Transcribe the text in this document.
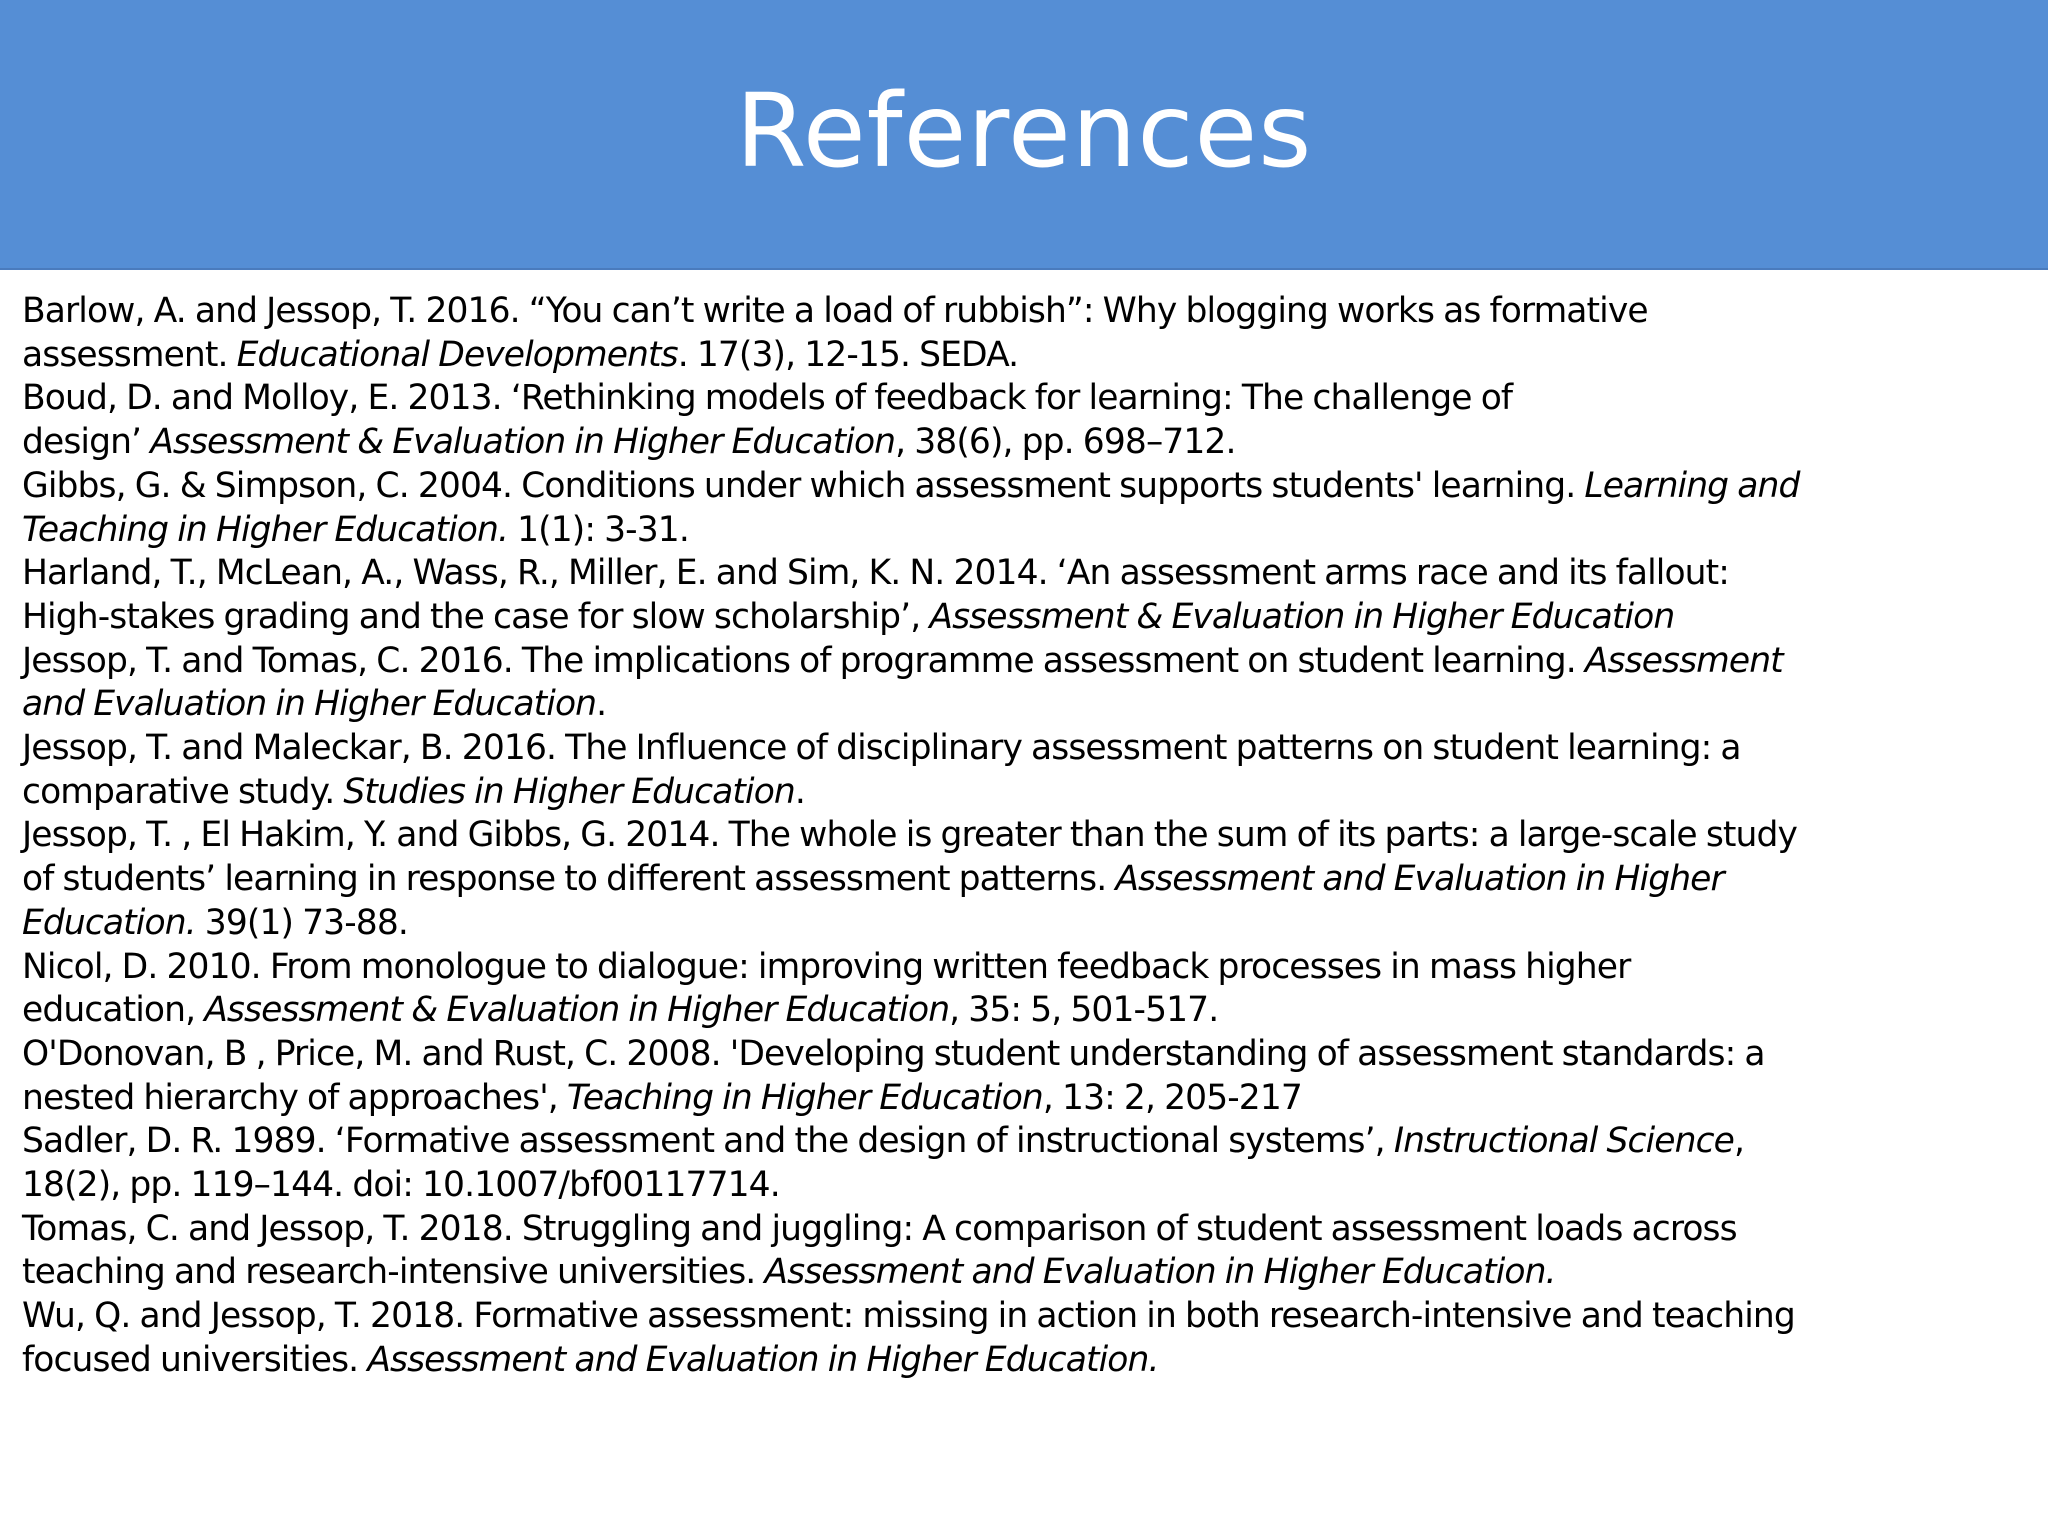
References
Barlow, A. and Jessop, T. 2016. “You can’t write a load of rubbish”: Why blogging works as formative
assessment. Educational Developments. 17(3), 12-15. SEDA.
Boud, D. and Molloy, E. 2013. ‘Rethinking models of feedback for learning: The challenge of
design’ Assessment & Evaluation in Higher Education, 38(6), pp. 698–712.
Gibbs, G. & Simpson, C. 2004. Conditions under which assessment supports students' learning. Learning and
Teaching in Higher Education. 1(1): 3-31.
Harland, T., McLean, A., Wass, R., Miller, E. and Sim, K. N. 2014. ‘An assessment arms race and its fallout:
High-stakes grading and the case for slow scholarship’, Assessment & Evaluation in Higher Education
Jessop, T. and Tomas, C. 2016. The implications of programme assessment on student learning. Assessment
and Evaluation in Higher Education.
Jessop, T. and Maleckar, B. 2016. The Influence of disciplinary assessment patterns on student learning: a
comparative study. Studies in Higher Education.
Jessop, T. , El Hakim, Y. and Gibbs, G. 2014. The whole is greater than the sum of its parts: a large-scale study
of students’ learning in response to different assessment patterns. Assessment and Evaluation in Higher
Education. 39(1) 73-88.
Nicol, D. 2010. From monologue to dialogue: improving written feedback processes in mass higher
education, Assessment & Evaluation in Higher Education, 35: 5, 501-517.
O'Donovan, B , Price, M. and Rust, C. 2008. 'Developing student understanding of assessment standards: a
nested hierarchy of approaches', Teaching in Higher Education, 13: 2, 205-217
Sadler, D. R. 1989. ‘Formative assessment and the design of instructional systems’, Instructional Science,
18(2), pp. 119–144. doi: 10.1007/bf00117714.
Tomas, C. and Jessop, T. 2018. Struggling and juggling: A comparison of student assessment loads across
teaching and research-intensive universities. Assessment and Evaluation in Higher Education.
Wu, Q. and Jessop, T. 2018. Formative assessment: missing in action in both research-intensive and teaching
focused universities. Assessment and Evaluation in Higher Education.
